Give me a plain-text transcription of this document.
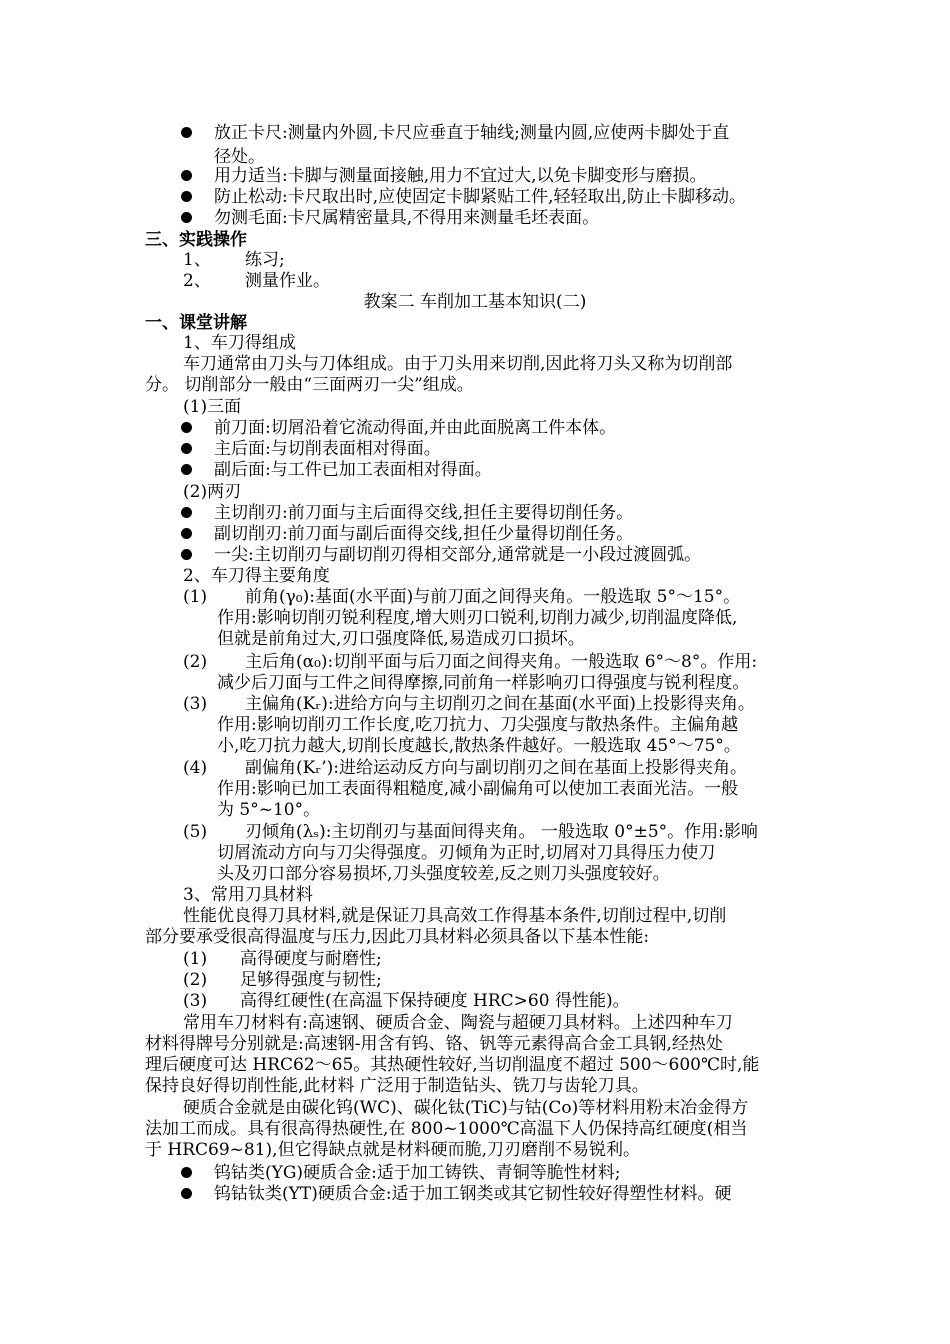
放正卡尺:测量内外圆,卡尺应垂直于轴线;测量内圆,应使两卡脚处于直
径处。
用力适当:卡脚与测量面接触,用力不宜过大,以免卡脚变形与磨损。
防止松动:卡尺取出时,应使固定卡脚紧贴工件,轻轻取出,防止卡脚移动。
勿测毛面:卡尺属精密量具,不得用来测量毛坯表面。
三、实践操作
1、 练习;
2、 测量作业。
教案二 车削加工基本知识(二)
一、课堂讲解
1、车刀得组成
车刀通常由刀头与刀体组成。由于刀头用来切削,因此将刀头又称为切削部
分。 切削部分一般由“三面两刃一尖”组成。
(1)三面
前刀面:切屑沿着它流动得面,并由此面脱离工件本体。
主后面:与切削表面相对得面。
副后面:与工件已加工表面相对得面。
(2)两刃
主切削刃:前刀面与主后面得交线,担任主要得切削任务。
副切削刃:前刀面与副后面得交线,担任少量得切削任务。
一尖:主切削刃与副切削刃得相交部分,通常就是一小段过渡圆弧。
2、车刀得主要角度
(1) 前角(γ₀):基面(水平面)与前刀面之间得夹角。一般选取 5°～15°。
作用:影响切削刃锐利程度,增大则刃口锐利,切削力减少,切削温度降低,
但就是前角过大,刃口强度降低,易造成刃口损坏。
(2) 主后角(α₀):切削平面与后刀面之间得夹角。一般选取 6°～8°。作用:
减少后刀面与工件之间得摩擦,同前角一样影响刃口得强度与锐利程度。
(3) 主偏角(Kᵣ):进给方向与主切削刃之间在基面(水平面)上投影得夹角。
作用:影响切削刃工作长度,吃刀抗力、刀尖强度与散热条件。主偏角越
小,吃刀抗力越大,切削长度越长,散热条件越好。一般选取 45°～75°。
(4) 副偏角(Kᵣ’):进给运动反方向与副切削刃之间在基面上投影得夹角。
作用:影响已加工表面得粗糙度,减小副偏角可以使加工表面光洁。一般
为 5°~10°。
(5) 刃倾角(λₛ):主切削刃与基面间得夹角。 一般选取 0°±5°。作用:影响
切屑流动方向与刀尖得强度。刃倾角为正时,切屑对刀具得压力使刀
头及刃口部分容易损坏,刀头强度较差,反之则刀头强度较好。
3、常用刀具材料
性能优良得刀具材料,就是保证刀具高效工作得基本条件,切削过程中,切削
部分要承受很高得温度与压力,因此刀具材料必须具备以下基本性能:
(1) 高得硬度与耐磨性;
(2) 足够得强度与韧性;
(3) 高得红硬性(在高温下保持硬度 HRC>60 得性能)。
常用车刀材料有:高速钢、硬质合金、陶瓷与超硬刀具材料。上述四种车刀
材料得牌号分别就是:高速钢-用含有钨、铬、钒等元素得高合金工具钢,经热处
理后硬度可达 HRC62～65。其热硬性较好,当切削温度不超过 500～600℃时,能
保持良好得切削性能,此材料 广泛用于制造钻头、铣刀与齿轮刀具。
硬质合金就是由碳化钨(WC)、碳化钛(TiC)与钴(Co)等材料用粉末冶金得方
法加工而成。具有很高得热硬性,在 800~1000℃高温下人仍保持高红硬度(相当
于 HRC69~81),但它得缺点就是材料硬而脆,刀刃磨削不易锐利。
钨钴类(YG)硬质合金:适于加工铸铁、青铜等脆性材料;
钨钴钛类(YT)硬质合金:适于加工钢类或其它韧性较好得塑性材料。硬
